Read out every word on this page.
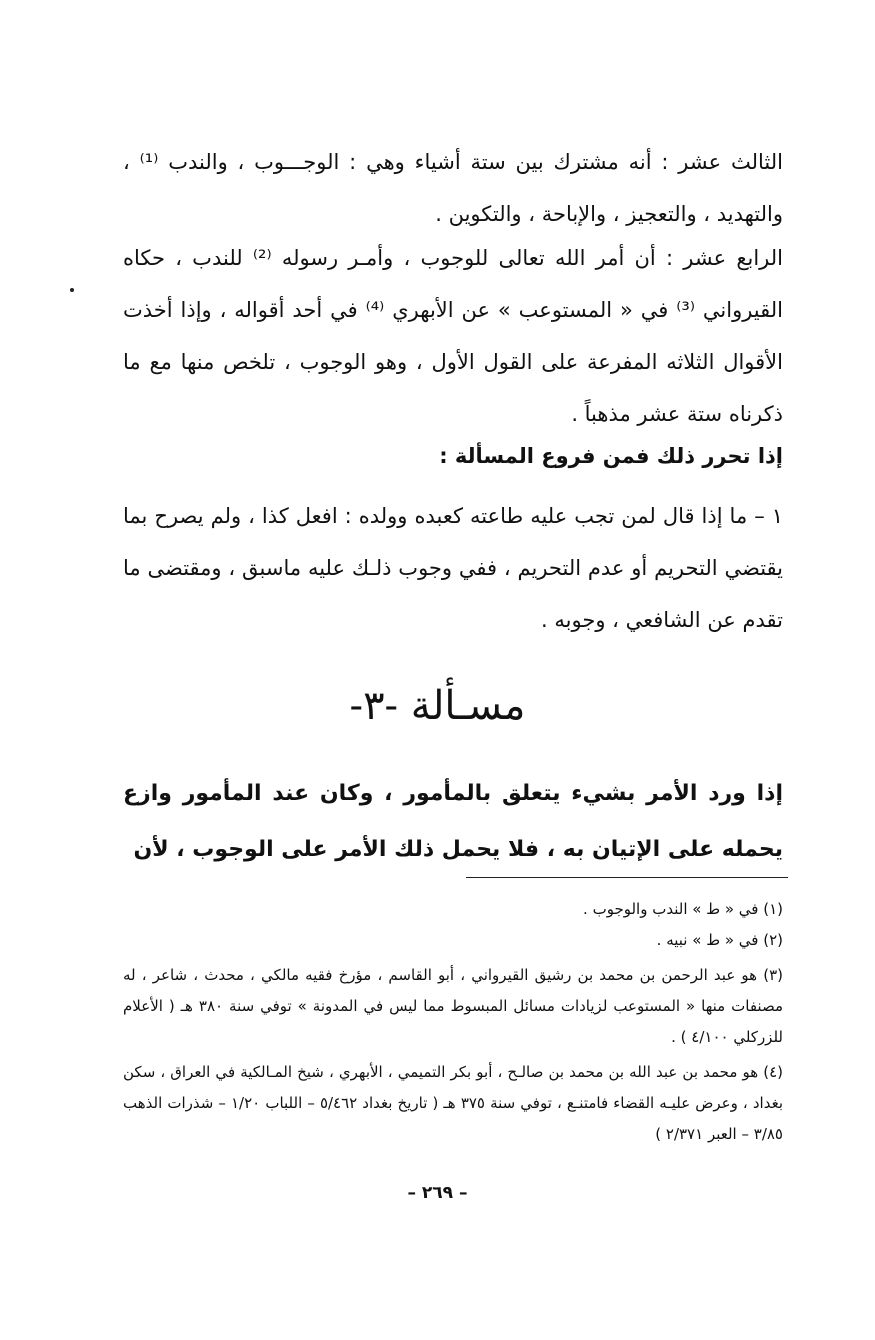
الثالث عشر : أنه مشترك بين ستة أشياء وهي : الوجـــوب ، والندب ⁽¹⁾ ، والتهديد ، والتعجيز ، والإباحة ، والتكوين .

الرابع عشر : أن أمر الله تعالى للوجوب ، وأمـر رسوله ⁽²⁾ للندب ، حكاه القيرواني ⁽³⁾ في « المستوعب » عن الأبهري ⁽⁴⁾ في أحد أقواله ، وإذا أخذت الأقوال الثلاثه المفرعة على القول الأول ، وهو الوجوب ، تلخص منها مع ما ذكرناه ستة عشر مذهباً .

إذا تحرر ذلك فمن فروع المسألة :

١ – ما إذا قال لمن تجب عليه طاعته كعبده وولده : افعل كذا ، ولم يصرح بما يقتضي التحريم أو عدم التحريم ، ففي وجوب ذلـك عليه ماسبق ، ومقتضى ما تقدم عن الشافعي ، وجوبه .

مسـألة -٣-

إذا ورد الأمر بشيء يتعلق بالمأمور ، وكان عند المأمور وازع يحمله على الإتيان به ، فلا يحمل ذلك الأمر على الوجوب ، لأن

(١) في « ط » الندب والوجوب .

(٢) في « ط » نبيه .

(٣) هو عبد الرحمن بن محمد بن رشيق القيرواني ، أبو القاسم ، مؤرخ فقيه مالكي ، محدث ، شاعر ، له مصنفات منها « المستوعب لزيادات مسائل المبسوط مما ليس في المدونة » توفي سنة ٣٨٠ هـ ( الأعلام للزركلي ٤/١٠٠ ) .

(٤) هو محمد بن عبد الله بن محمد بن صالـح ، أبو بكر التميمي ، الأبهري ، شيخ المـالكية في العراق ، سكن بغداد ، وعرض عليـه القضاء فامتنـع ، توفي سنة ٣٧٥ هـ ( تاريخ بغداد ٥/٤٦٢ – اللباب ١/٢٠ – شذرات الذهب ٣/٨٥ – العبر ٢/٣٧١ )

– ٢٦٩ –
